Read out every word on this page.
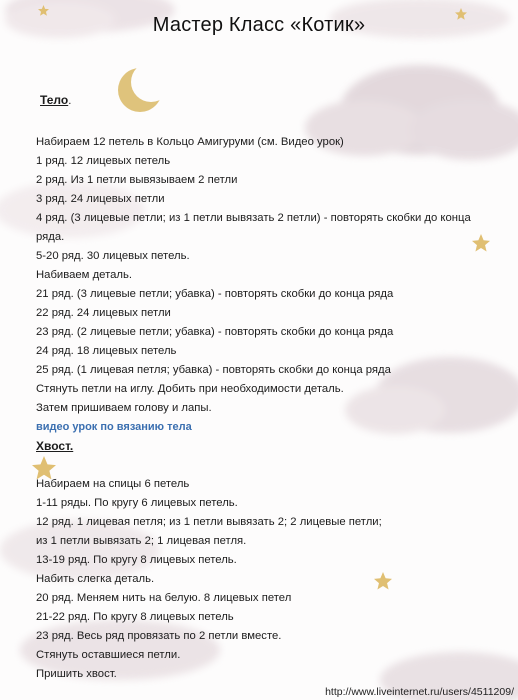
Мастер Класс «Котик»
Тело.
Набираем 12 петель в Кольцо Амигуруми (см. Видео урок)
1 ряд. 12 лицевых петель
2 ряд. Из 1 петли вывязываем 2 петли
3 ряд. 24 лицевых петли
4 ряд. (3 лицевые петли; из 1 петли вывязать 2 петли) - повторять скобки до конца
ряда.
5-20 ряд. 30 лицевых петель.
Набиваем деталь.
21 ряд. (3 лицевые петли; убавка) - повторять скобки до конца ряда
22 ряд. 24 лицевых петли
23 ряд. (2 лицевые петли; убавка) - повторять скобки до конца ряда
24 ряд. 18 лицевых петель
25 ряд. (1 лицевая петля; убавка) - повторять скобки до конца ряда
Стянуть петли на иглу. Добить при необходимости деталь.
Затем пришиваем голову и лапы.
видео урок по вязанию тела
Хвост.
Набираем на спицы 6 петель
1-11 ряды. По кругу 6 лицевых петель.
12 ряд. 1 лицевая петля; из 1 петли вывязать 2; 2 лицевые петли;
из 1 петли вывязать 2; 1 лицевая петля.
13-19 ряд. По кругу 8 лицевых петель.
Набить слегка деталь.
20 ряд. Меняем нить на белую. 8 лицевых петел
21-22 ряд. По кругу 8 лицевых петель
23 ряд. Весь ряд провязать по 2 петли вместе.
Стянуть оставшиеся петли.
Пришить хвост.
http://www.liveinternet.ru/users/4511209/
